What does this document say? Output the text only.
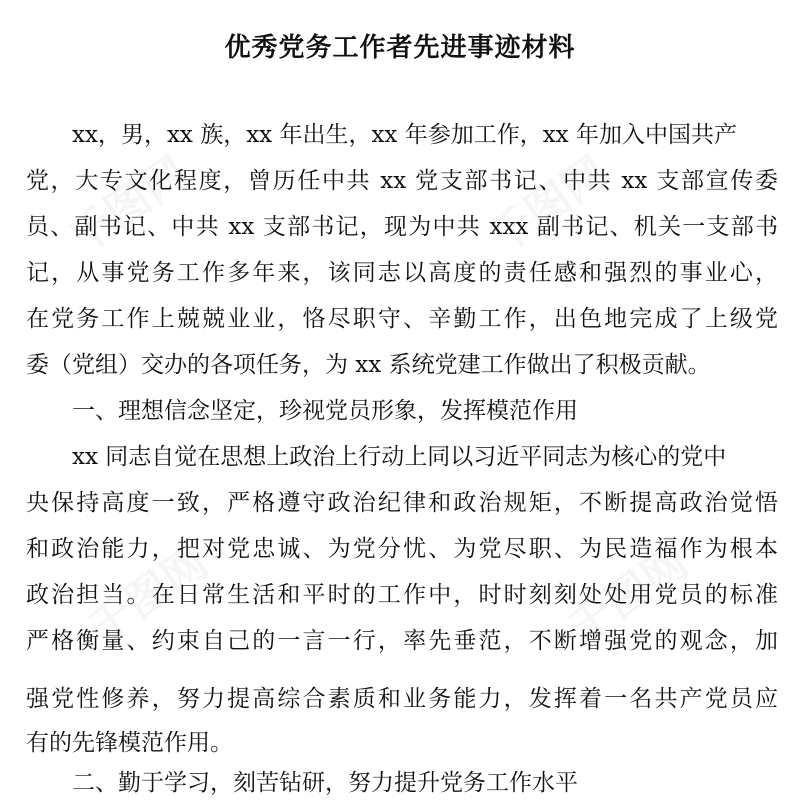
千图网	千图网
千图网	千图网
优秀党务工作者先进事迹材料

　　xx，男，xx 族，xx 年出生，xx 年参加工作，xx 年加入中国共产

党，大专文化程度，曾历任中共 xx 党支部书记、中共 xx 支部宣传委

员、副书记、中共 xx 支部书记，现为中共 xxx 副书记、机关一支部书

记，从事党务工作多年来，该同志以高度的责任感和强烈的事业心，

在党务工作上兢兢业业，恪尽职守、辛勤工作，出色地完成了上级党

委（党组）交办的各项任务，为 xx 系统党建工作做出了积极贡献。

　　一、理想信念坚定，珍视党员形象，发挥模范作用

　　xx 同志自觉在思想上政治上行动上同以习近平同志为核心的党中

央保持高度一致，严格遵守政治纪律和政治规矩，不断提高政治觉悟

和政治能力，把对党忠诚、为党分忧、为党尽职、为民造福作为根本

政治担当。在日常生活和平时的工作中，时时刻刻处处用党员的标准

严格衡量、约束自己的一言一行，率先垂范，不断增强党的观念，加

强党性修养，努力提高综合素质和业务能力，发挥着一名共产党员应

有的先锋模范作用。

　　二、勤于学习，刻苦钻研，努力提升党务工作水平
